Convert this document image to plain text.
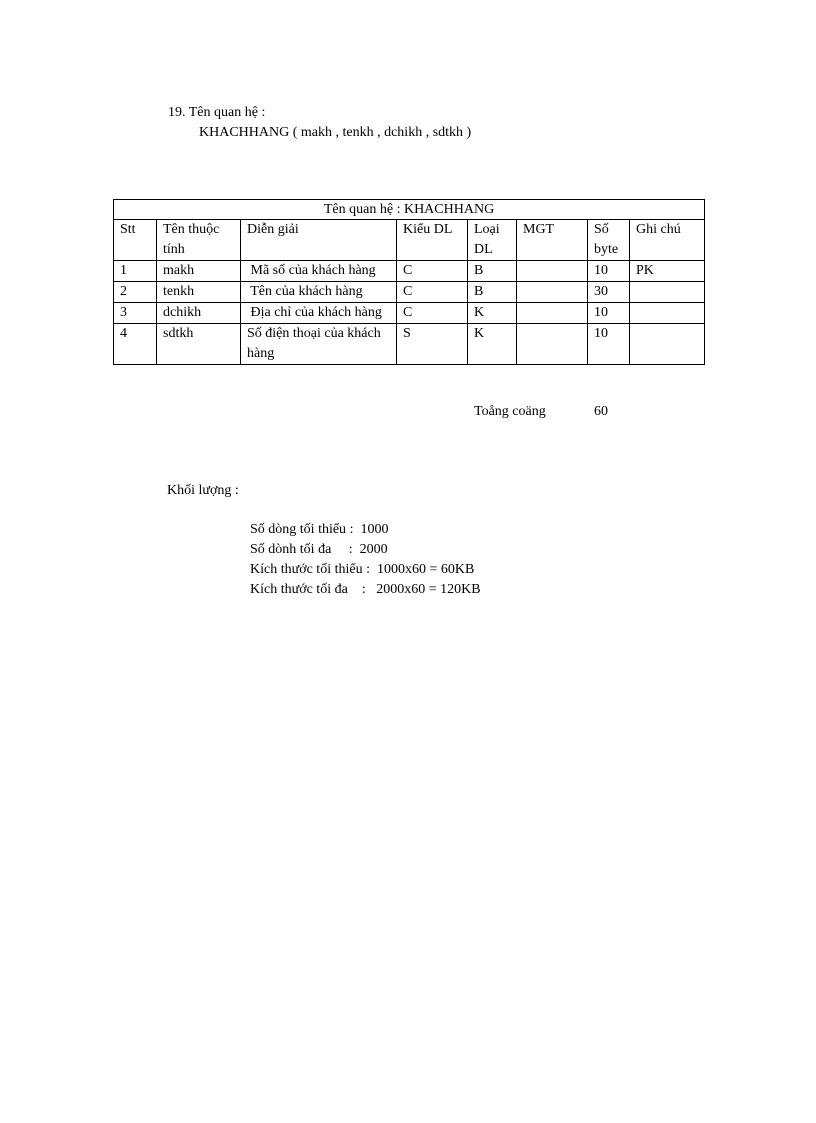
19. Tên quan hệ :
KHACHHANG ( makh , tenkh , dchikh , sdtkh )
Tên quan hệ : KHACHHANG							
Stt	Tên thuộc tính	Diễn giải	Kiểu DL	Loại DL	MGT	Số byte	Ghi chú
1	makh	Mã số của khách hàng	C	B		10	PK
2	tenkh	Tên của khách hàng	C	B		30	
3	dchikh	Địa chỉ của khách hàng	C	K		10	
4	sdtkh	Số điện thoại của khách hàng	S	K		10	
Toång coäng	60
Khối lượng :

Số dòng tối thiểu :  1000

Số dònh tối đa     :  2000

Kích thước tối thiểu :  1000x60 = 60KB

Kích thước tối đa    :   2000x60 = 120KB
